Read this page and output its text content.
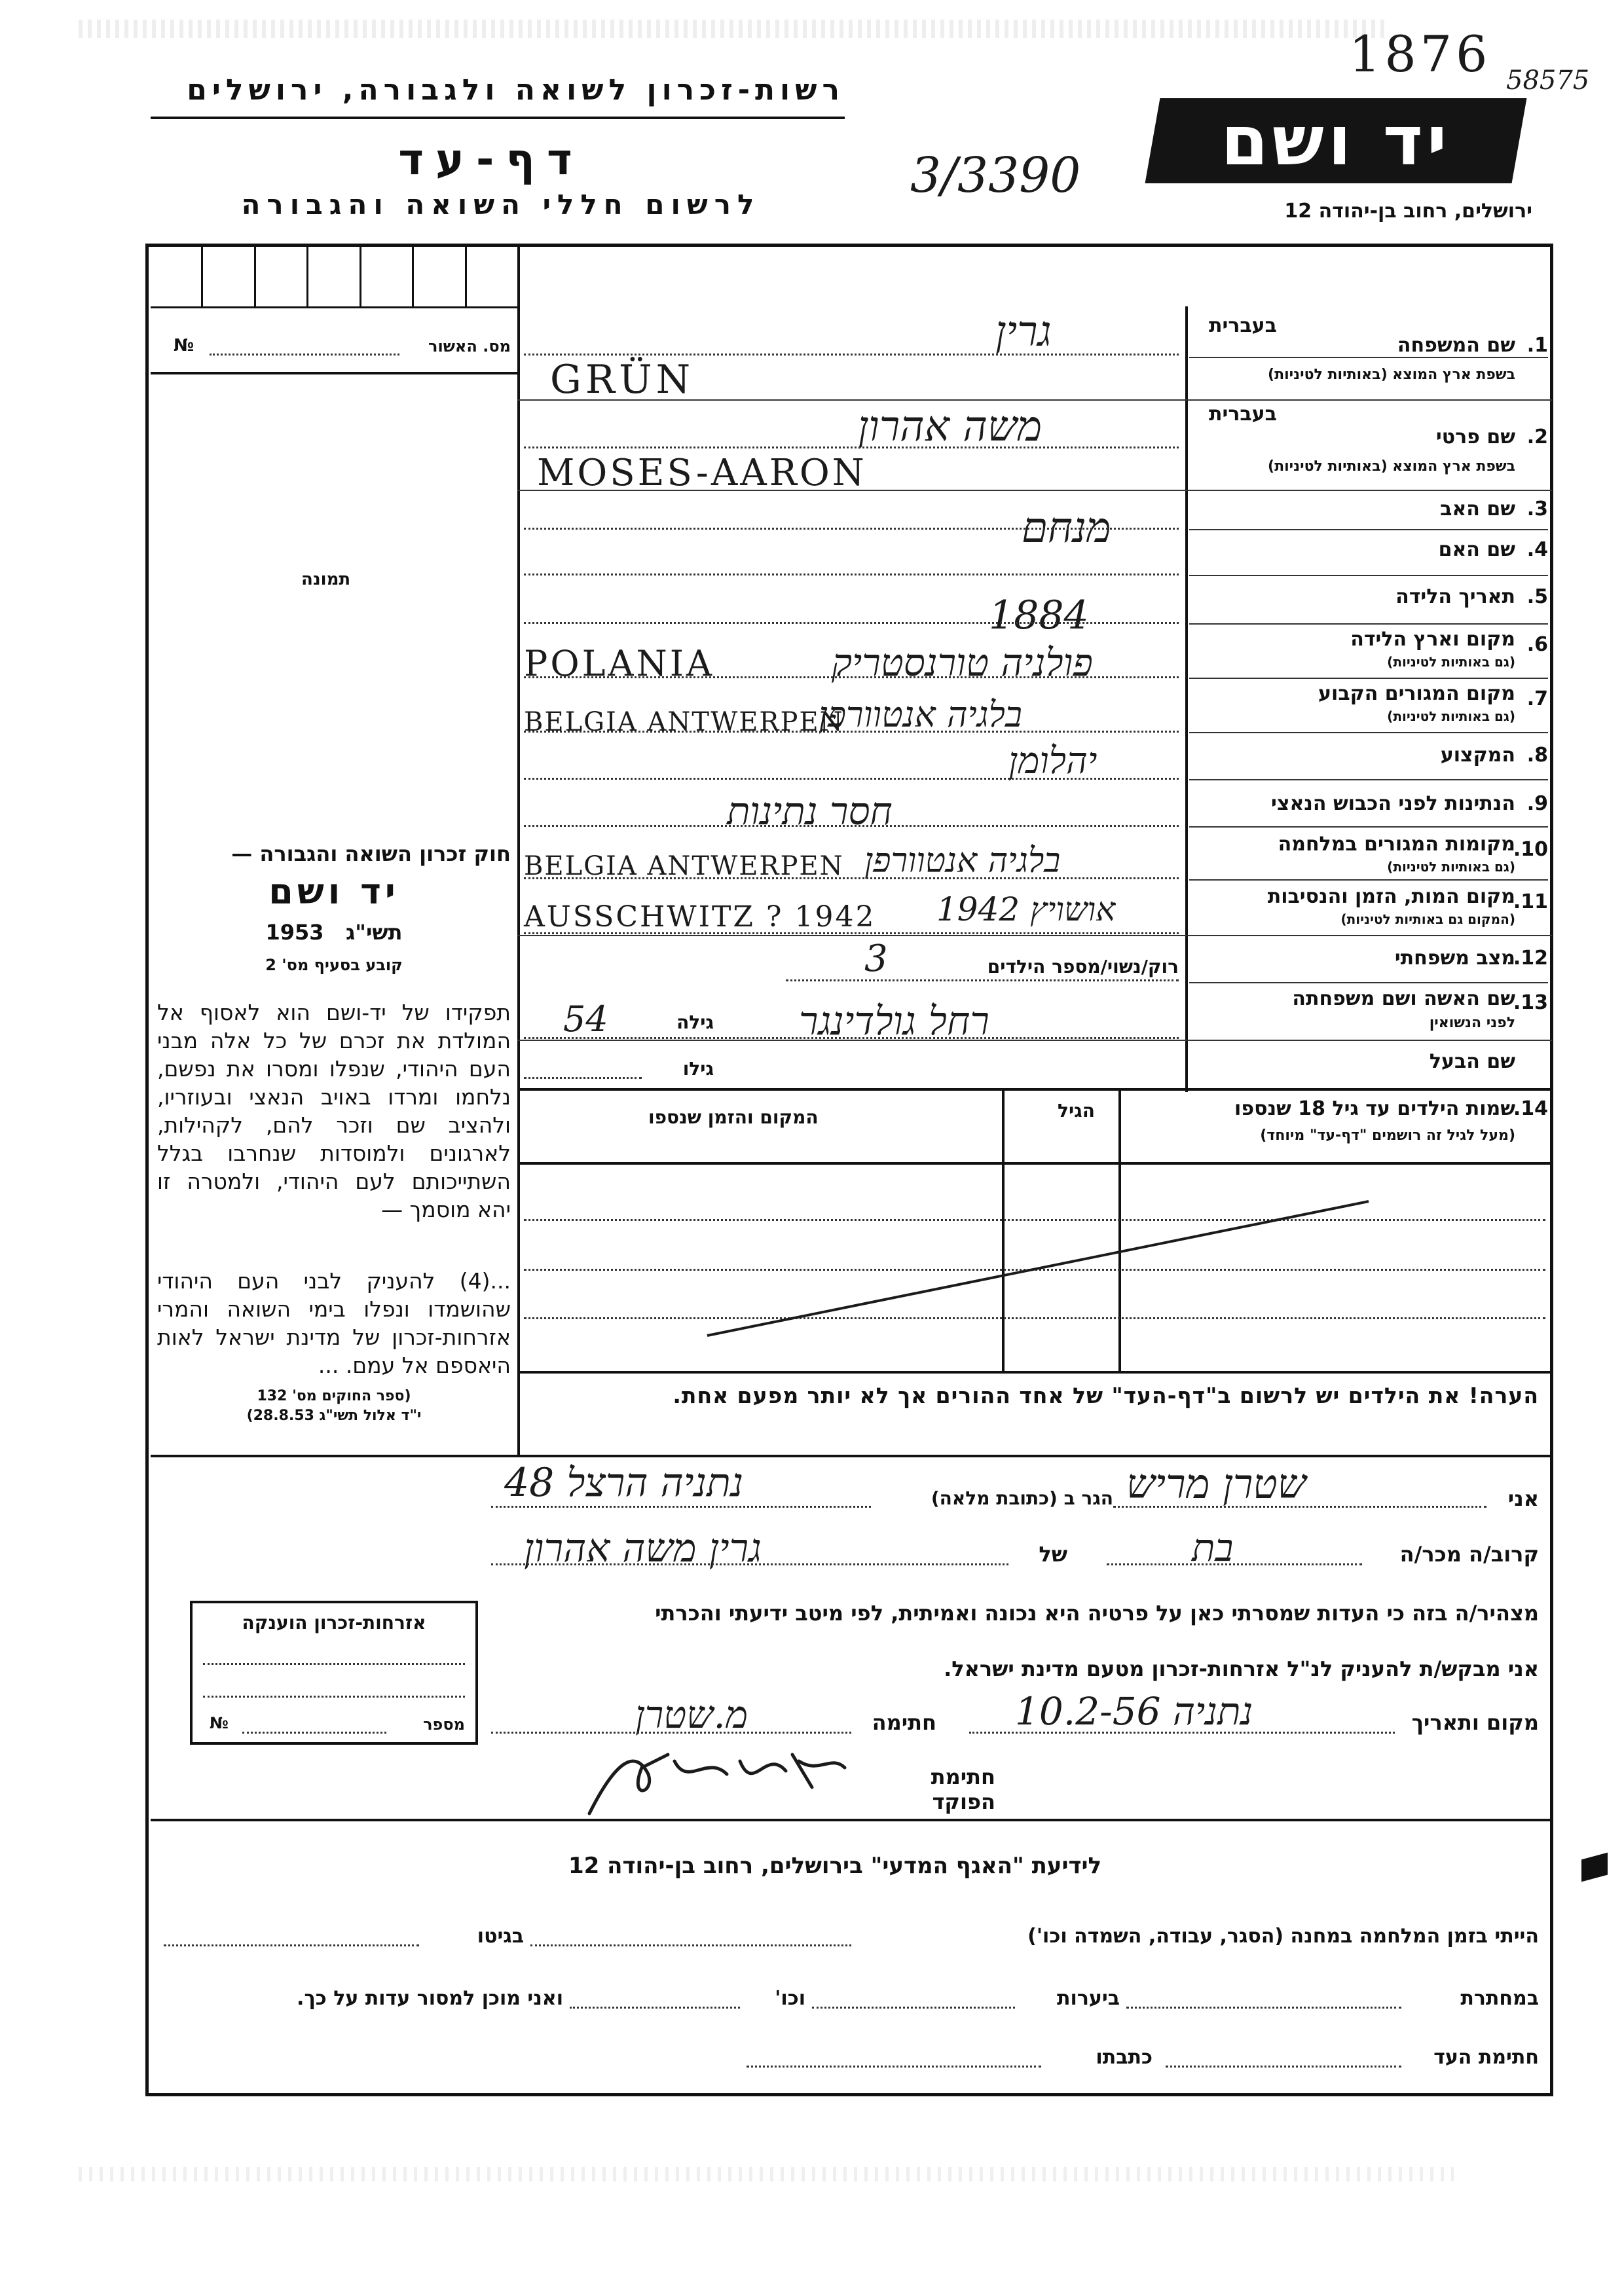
רשות-זכרון לשואה ולגבורה, ירושלים
דף-עד
לרשום חללי השואה והגבורה
3/3390
1876 58575
יד ושם
ירושלים, רחוב בן-יהודה 12
מס. האשור
№
תמונה
חוק זכרון השואה והגבורה —
יד ושם
תשי"ג   1953
קובע בסעיף מס' 2
תפקידו של יד-ושם הוא לאסוף אל המולדת את זכרם של כל אלה מבני העם היהודי, שנפלו ומסרו את נפשם, נלחמו ומרדו באויב הנאצי ובעוזריו, ולהציב שם וזכר להם, לקהילות, לארגונים ולמוסדות שנחרבו בגלל השתייכותם לעם היהודי, ולמטרה זו יהא מוסמך —
...(4) להעניק לבני העם היהודי שהושמדו ונפלו בימי השואה והמרי אזרחות-זכרון של מדינת ישראל לאות היאספם אל עמם. ...
(ספר החוקים מס' 132
י"ד אלול תשי"ג 28.8.53)
1.
שם המשפחה
בשפת ארץ המוצא (באותיות לטיניות)
בעברית
2.
שם פרטי
בשפת ארץ המוצא (באותיות לטיניות)
בעברית
3.
שם האב
4.
שם האם
5.
תאריך הלידה
6.
מקום וארץ הלידה
(גם באותיות לטיניות)
7.
מקום המגורים הקבוע
(גם באותיות לטיניות)
8.
המקצוע
9.
הנתינות לפני הכבוש הנאצי
10.
מקומות המגורים במלחמה
(גם באותיות לטיניות)
11.
מקום המות, הזמן והנסיבות
(המקום גם באותיות לטיניות)
12.
מצב משפחתי
13.
שם האשה ושם משפחתה
לפני הנשואין
שם הבעל
גרין
GRÜN
משה אהרון
MOSES-AARON
מנחם
1884
פולניה טורנסטריק
POLANIA
בלגיה אנטוורפן
BELGIA ANTWERPEN
יהלומן
חסר נתינות
בלגיה אנטוורפן
BELGIA ANTWERPEN
אושויץ 1942
AUSSCHWITZ ? 1942
רוק/נשוי/מספר הילדים
3
רחל גולדינגר
גילה
54
גילו
14.
שמות הילדים עד גיל 18 שנספו
(מעל לגיל זה רושמים "דף-עד" מיוחד)
הגיל
המקום והזמן שנספו
הערה! את הילדים יש לרשום ב"דף-העד" של אחד ההורים אך לא יותר מפעם אחת.
אני
שטרן מריש
הגר ב (כתובת מלאה)
נתניה הרצל 48
קרוב/ה מכר/ה
בת
של
גרין משה אהרון
מצהיר/ה בזה כי העדות שמסרתי כאן על פרטיה היא נכונה ואמיתית, לפי מיטב ידיעתי והכרתי
אני מבקש/ת להעניק לנ"ל אזרחות-זכרון מטעם מדינת ישראל.
מקום ותאריך
נתניה 10.2-56
חתימה
מ.שטרן
חתימת הפוקד
אזרחות-זכרון הוענקה
מספר
№
לידיעת "האגף המדעי" בירושלים, רחוב בן-יהודה 12
הייתי בזמן המלחמה במחנה (הסגר, עבודה, השמדה וכו')
בגיטו
במחתרת
ביערות
וכו'
ואני מוכן למסור עדות על כך.
חתימת העד
כתבתו
